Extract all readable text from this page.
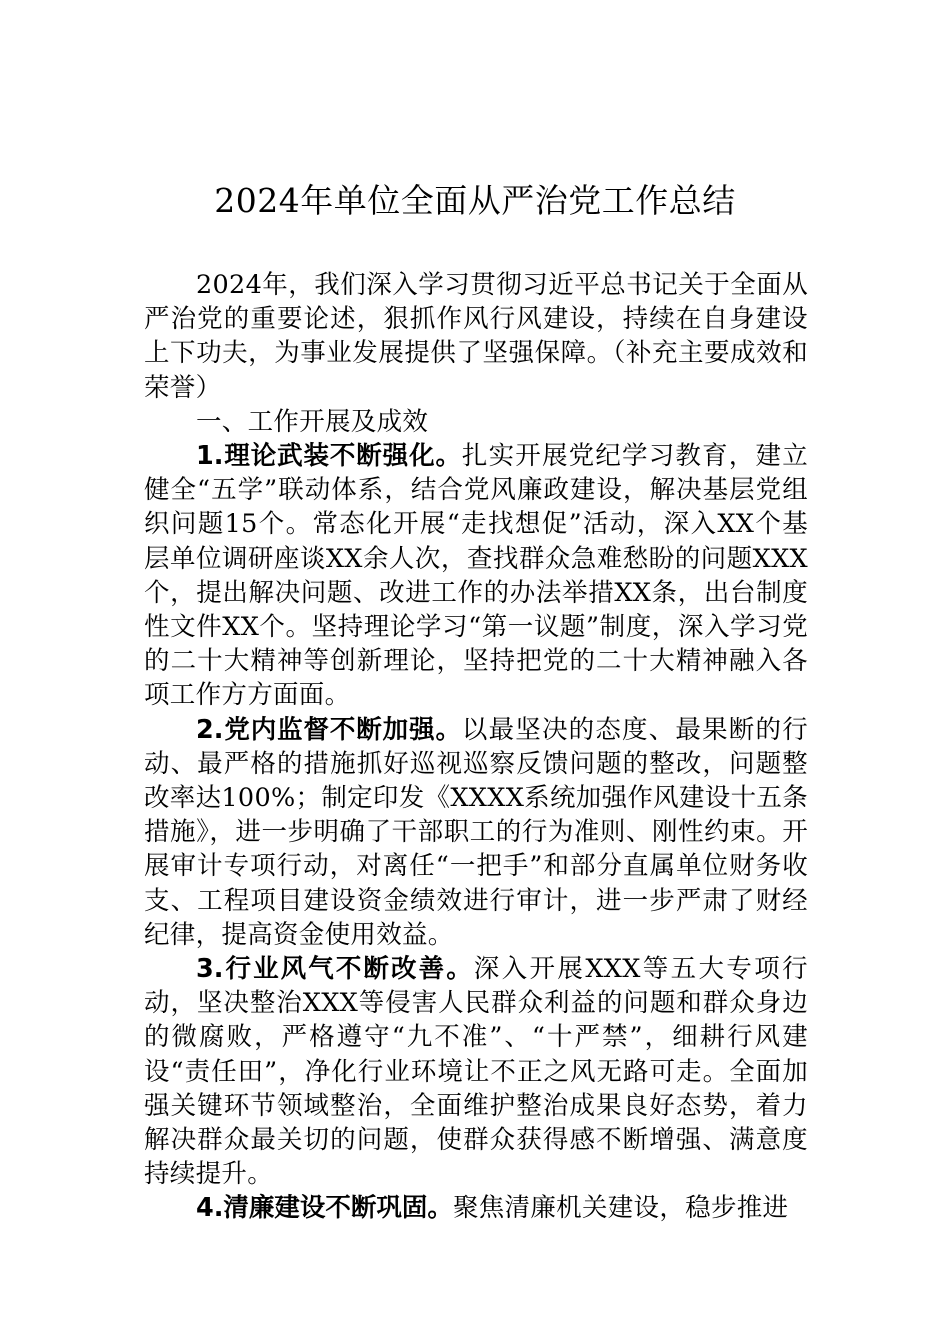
2024年单位全面从严治党工作总结

2024年，我们深入学习贯彻习近平总书记关于全面从严治党的重要论述，狠抓作风行风建设，持续在自身建设上下功夫，为事业发展提供了坚强保障。（补充主要成效和荣誉）

一、工作开展及成效

1.理论武装不断强化。扎实开展党纪学习教育，建立健全“五学”联动体系，结合党风廉政建设，解决基层党组织问题15个。常态化开展“走找想促”活动，深入XX个基层单位调研座谈XX余人次，查找群众急难愁盼的问题XXX个，提出解决问题、改进工作的办法举措XX条，出台制度性文件XX个。坚持理论学习“第一议题”制度，深入学习党的二十大精神等创新理论，坚持把党的二十大精神融入各项工作方方面面。

2.党内监督不断加强。以最坚决的态度、最果断的行动、最严格的措施抓好巡视巡察反馈问题的整改，问题整改率达100%；制定印发《XXXX系统加强作风建设十五条措施》，进一步明确了干部职工的行为准则、刚性约束。开展审计专项行动，对离任“一把手”和部分直属单位财务收支、工程项目建设资金绩效进行审计，进一步严肃了财经纪律，提高资金使用效益。

3.行业风气不断改善。深入开展XXX等五大专项行动，坚决整治XXX等侵害人民群众利益的问题和群众身边的微腐败，严格遵守“九不准”、“十严禁”，细耕行风建设“责任田”，净化行业环境让不正之风无路可走。全面加强关键环节领域整治，全面维护整治成果良好态势，着力解决群众最关切的问题，使群众获得感不断增强、满意度持续提升。

4.清廉建设不断巩固。聚焦清廉机关建设，稳步推进
